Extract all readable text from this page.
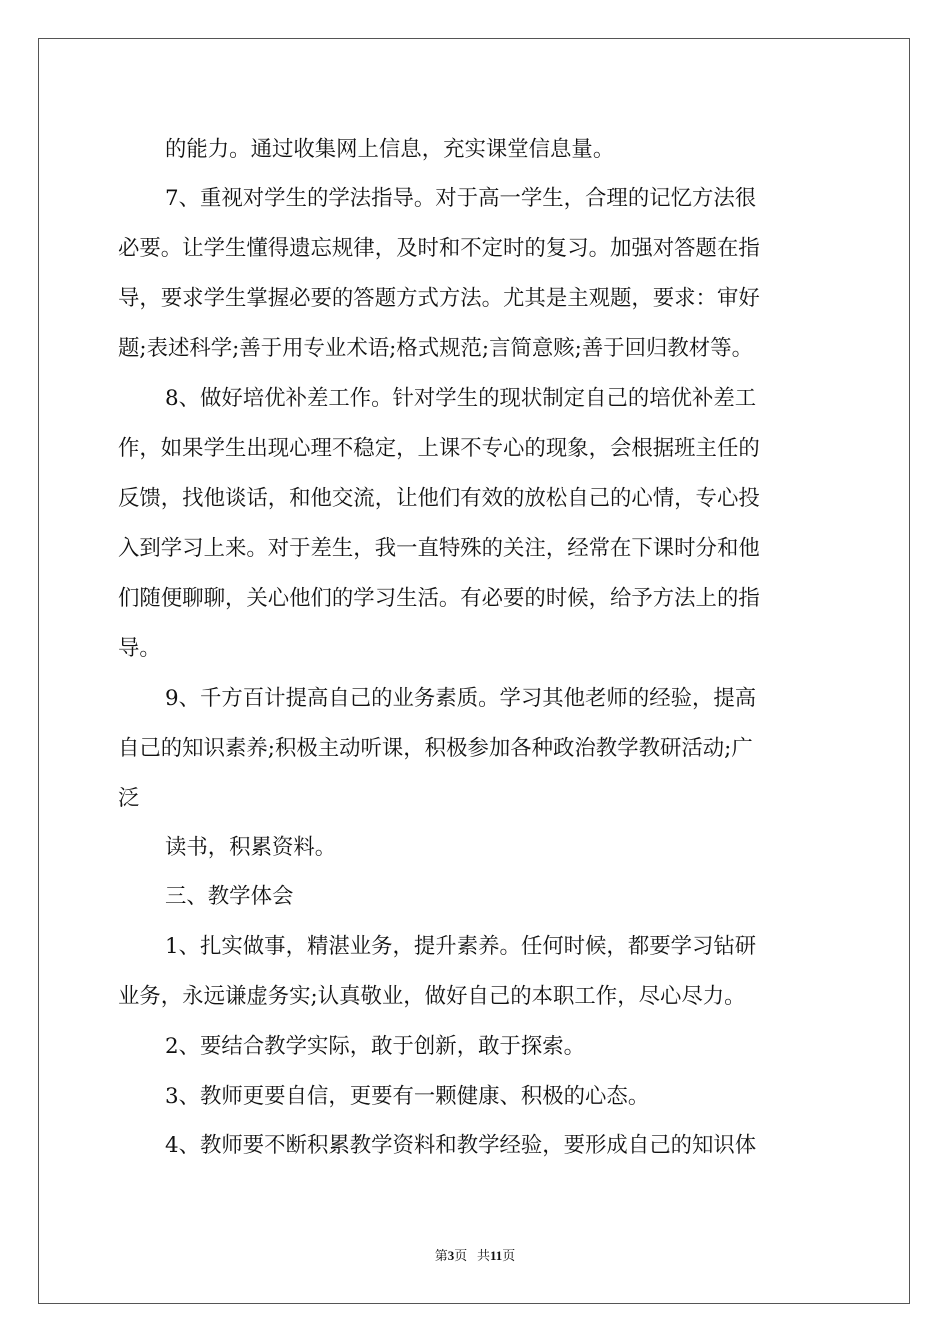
的能力。通过收集网上信息，充实课堂信息量。
7、重视对学生的学法指导。对于高一学生，合理的记忆方法很
必要。让学生懂得遗忘规律，及时和不定时的复习。加强对答题在指
导，要求学生掌握必要的答题方式方法。尤其是主观题，要求：审好
题;表述科学;善于用专业术语;格式规范;言简意赅;善于回归教材等。
8、做好培优补差工作。针对学生的现状制定自己的培优补差工
作，如果学生出现心理不稳定，上课不专心的现象，会根据班主任的
反馈，找他谈话，和他交流，让他们有效的放松自己的心情，专心投
入到学习上来。对于差生，我一直特殊的关注，经常在下课时分和他
们随便聊聊，关心他们的学习生活。有必要的时候，给予方法上的指
导。
9、千方百计提高自己的业务素质。学习其他老师的经验，提高
自己的知识素养;积极主动听课，积极参加各种政治教学教研活动;广
泛
读书，积累资料。
三、教学体会
1、扎实做事，精湛业务，提升素养。任何时候，都要学习钻研
业务，永远谦虚务实;认真敬业，做好自己的本职工作，尽心尽力。
2、要结合教学实际，敢于创新，敢于探索。
3、教师更要自信，更要有一颗健康、积极的心态。
4、教师要不断积累教学资料和教学经验，要形成自己的知识体
第3页 共11页
